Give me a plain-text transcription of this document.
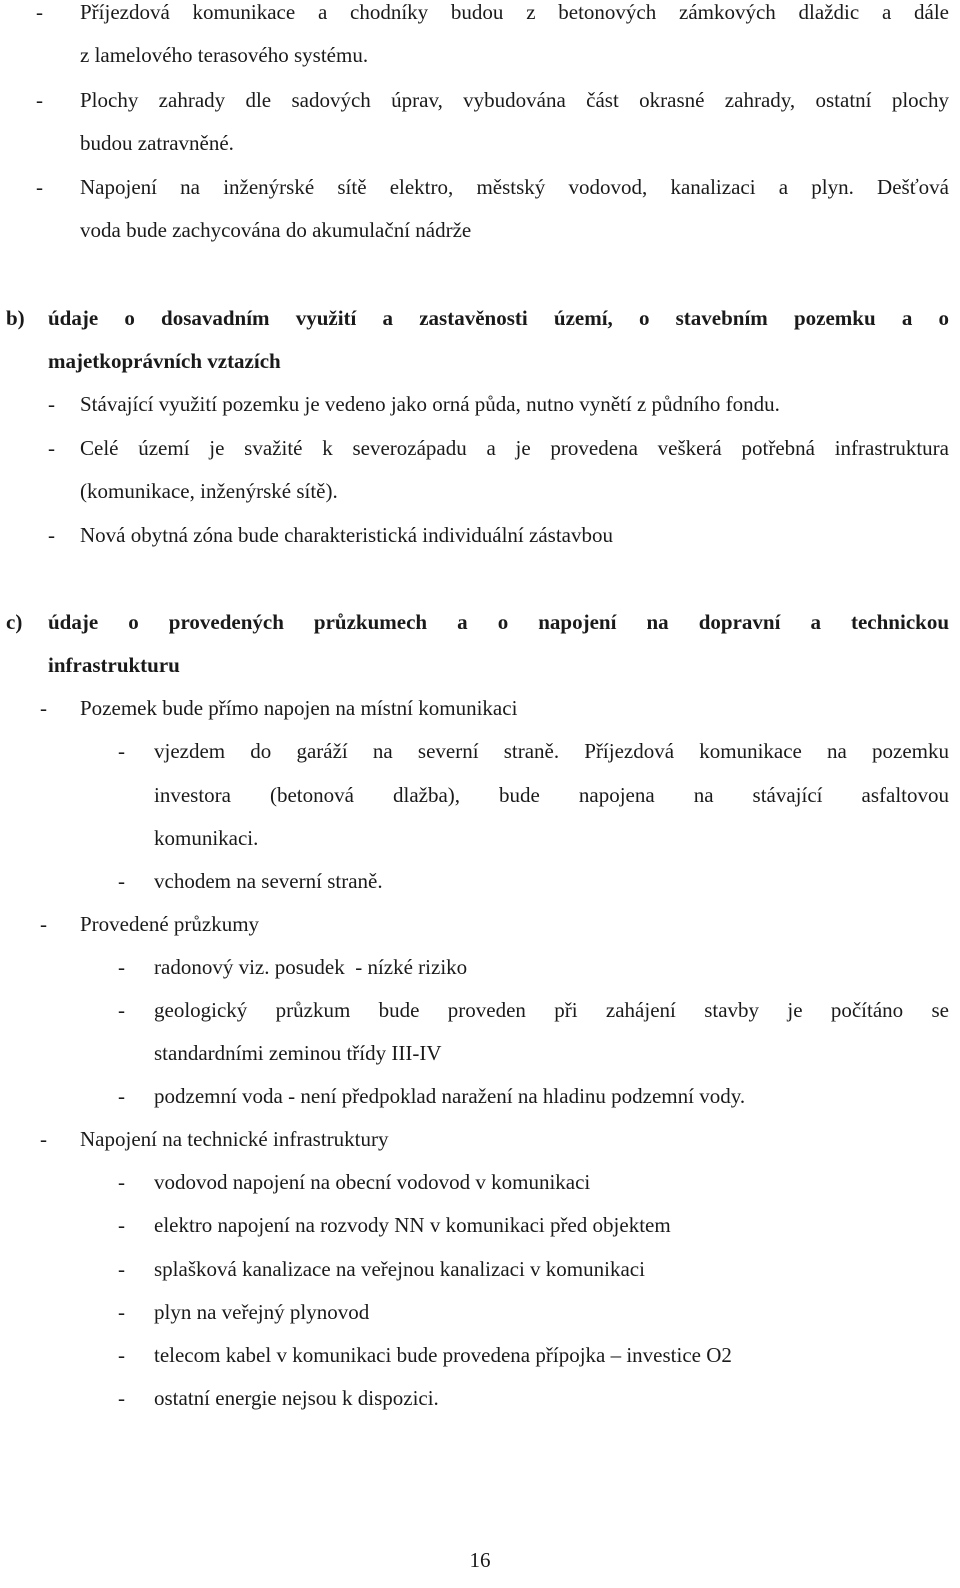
- Příjezdová komunikace a chodníky budou z betonových zámkových dlaždic a dále
z lamelového terasového systému.
- Plochy zahrady dle sadových úprav, vybudována část okrasné zahrady, ostatní plochy
budou zatravněné.
- Napojení na inženýrské sítě elektro, městský vodovod, kanalizaci a plyn. Dešťová
voda bude zachycována do akumulační nádrže
b) údaje o dosavadním využití a zastavěnosti území, o stavebním pozemku a o
majetkoprávních vztazích
- Stávající využití pozemku je vedeno jako orná půda, nutno vynětí z půdního fondu.
- Celé území je svažité k severozápadu a je provedena veškerá potřebná infrastruktura
(komunikace, inženýrské sítě).
- Nová obytná zóna bude charakteristická individuální zástavbou
c) údaje o provedených průzkumech a o napojení na dopravní a technickou
infrastrukturu
- Pozemek bude přímo napojen na místní komunikaci
- vjezdem do garáží na severní straně. Příjezdová komunikace na pozemku
investora (betonová dlažba), bude napojena na stávající asfaltovou
komunikaci.
- vchodem na severní straně.
- Provedené průzkumy
- radonový viz. posudek  - nízké riziko
- geologický průzkum bude proveden při zahájení stavby je počítáno se
standardními zeminou třídy III-IV
- podzemní voda - není předpoklad naražení na hladinu podzemní vody.
- Napojení na technické infrastruktury
- vodovod napojení na obecní vodovod v komunikaci
- elektro napojení na rozvody NN v komunikaci před objektem
- splašková kanalizace na veřejnou kanalizaci v komunikaci
- plyn na veřejný plynovod
- telecom kabel v komunikaci bude provedena přípojka – investice O2
- ostatní energie nejsou k dispozici.
16
